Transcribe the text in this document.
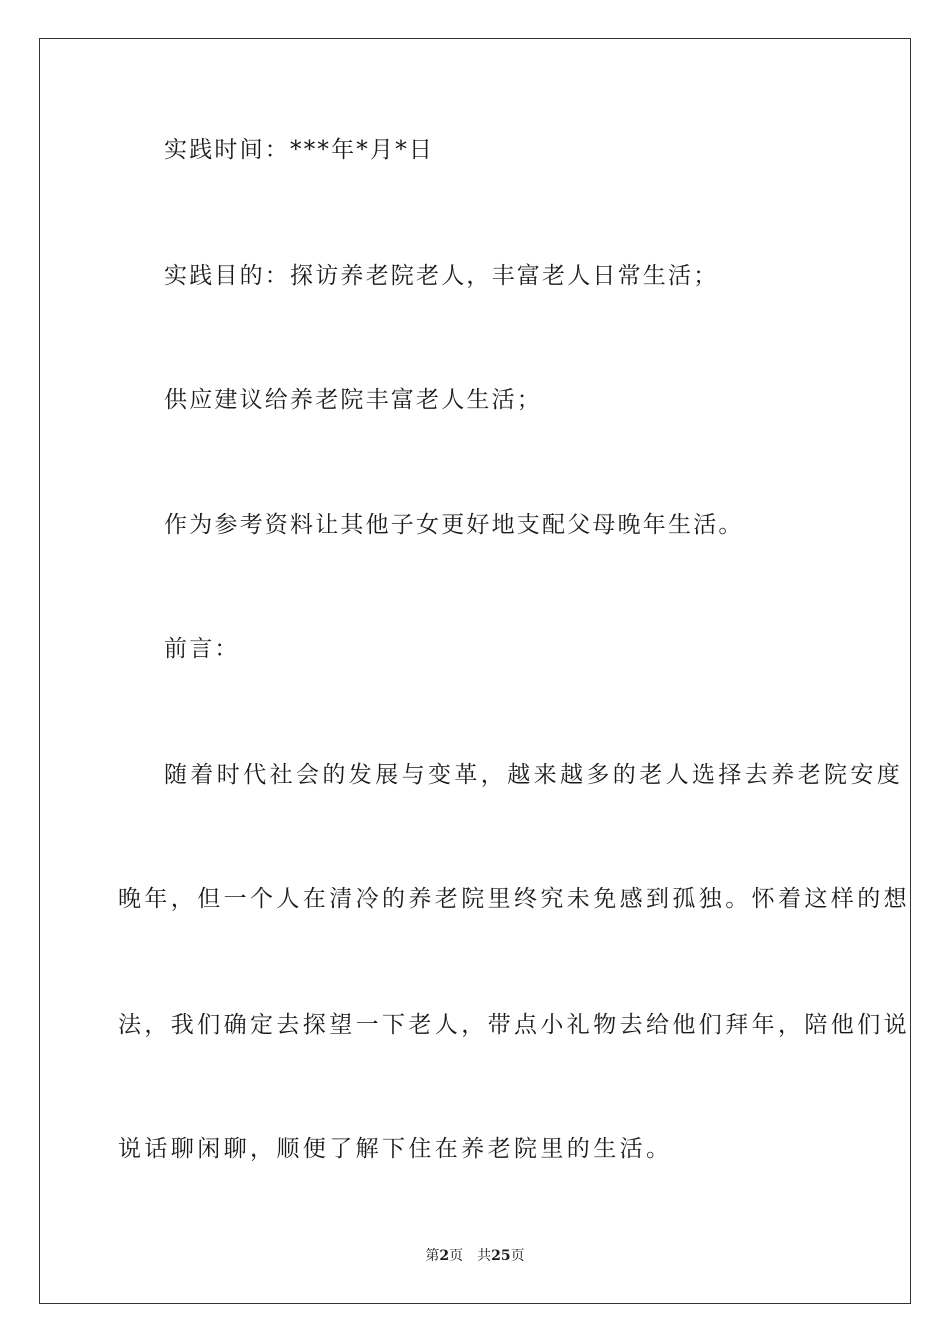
实践时间：***年*月*日
实践目的：探访养老院老人，丰富老人日常生活；
供应建议给养老院丰富老人生活；
作为参考资料让其他子女更好地支配父母晚年生活。
前言：
随着时代社会的发展与变革，越来越多的老人选择去养老院安度
晚年，但一个人在清冷的养老院里终究未免感到孤独。怀着这样的想
法，我们确定去探望一下老人，带点小礼物去给他们拜年，陪他们说
说话聊闲聊，顺便了解下住在养老院里的生活。
第2页 共25页
